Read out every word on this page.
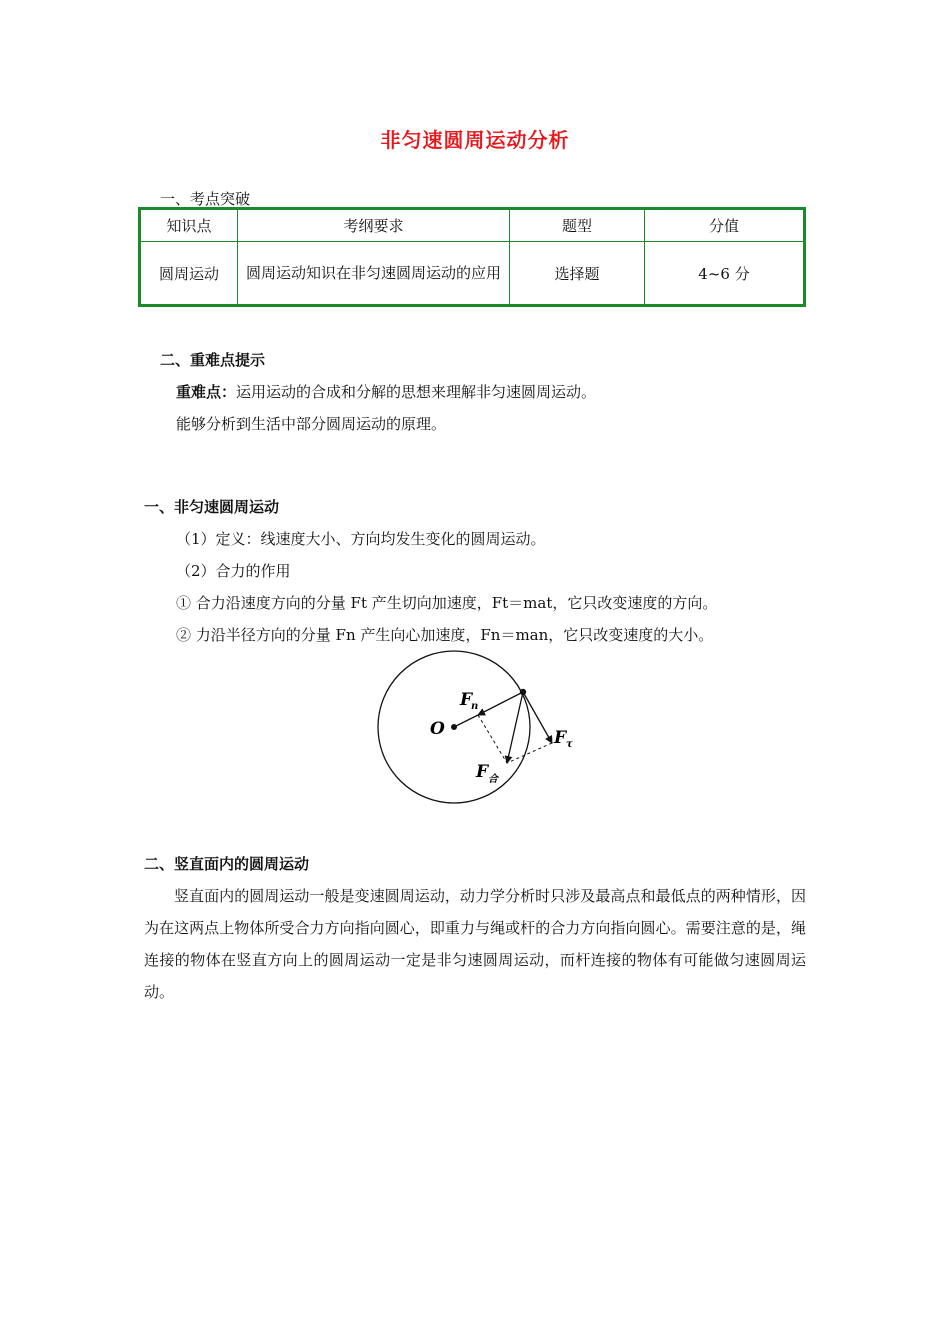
非匀速圆周运动分析
一、考点突破
知识点	考纲要求	题型	分值
圆周运动	圆周运动知识在非匀速圆周运动的应用	选择题	4~6 分
二、重难点提示
重难点：运用运动的合成和分解的思想来理解非匀速圆周运动。
能够分析到生活中部分圆周运动的原理。
一、非匀速圆周运动
（1）定义：线速度大小、方向均发生变化的圆周运动。
（2）合力的作用
① 合力沿速度方向的分量 Ft 产生切向加速度，Ft＝mat，它只改变速度的方向。
② 力沿半径方向的分量 Fn 产生向心加速度，Fn＝man，它只改变速度的大小。
O
F
n
F τ
F 合
二、竖直面内的圆周运动
竖直面内的圆周运动一般是变速圆周运动，动力学分析时只涉及最高点和最低点的两种情形，因为在这两点上物体所受合力方向指向圆心，即重力与绳或杆的合力方向指向圆心。需要注意的是，绳连接的物体在竖直方向上的圆周运动一定是非匀速圆周运动，而杆连接的物体有可能做匀速圆周运动。
